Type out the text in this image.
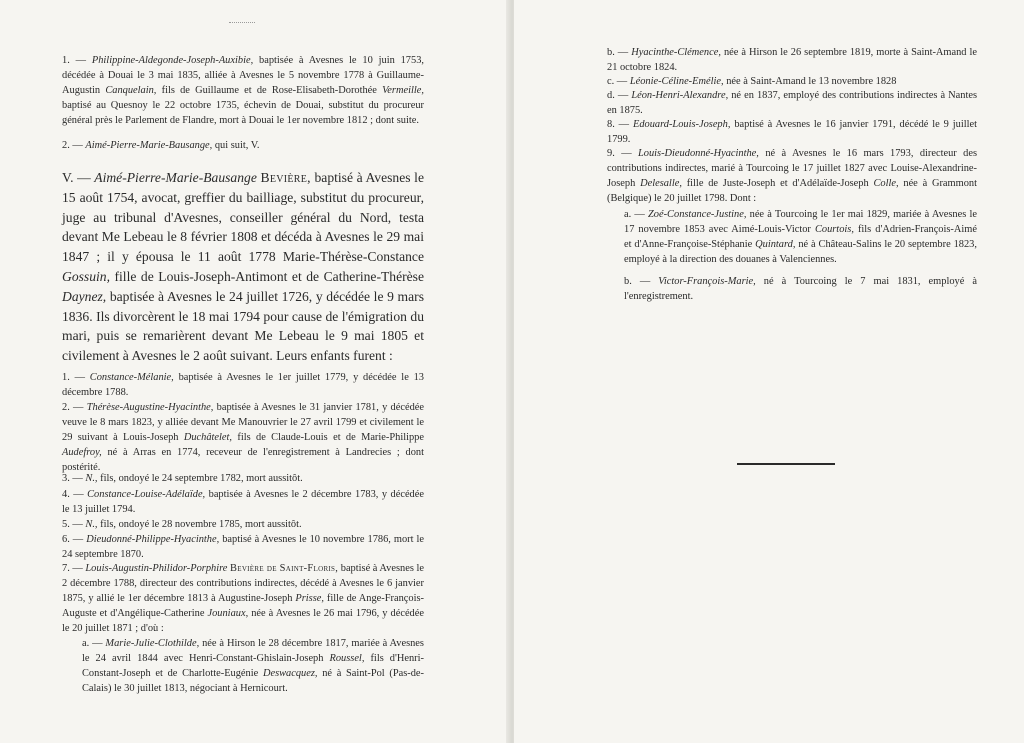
1. — Philippine-Aldegonde-Joseph-Auxibie, baptisée à Avesnes le 10 juin 1753, décédée à Douai le 3 mai 1835, alliée à Avesnes le 5 novembre 1778 à Guillaume-Augustin Canquelain, fils de Guillaume et de Rose-Elisabeth-Dorothée Vermeille, baptisé au Quesnoy le 22 octobre 1735, échevin de Douai, substitut du procureur général près le Parlement de Flandre, mort à Douai le 1er novembre 1812 ; dont suite.

2. — Aimé-Pierre-Marie-Bausange, qui suit, V.

V. — Aimé-Pierre-Marie-Bausange Bevière, baptisé à Avesnes le 15 août 1754, avocat, greffier du bailliage, substitut du procureur, juge au tribunal d'Avesnes, conseiller général du Nord, testa devant Me Lebeau le 8 février 1808 et décéda à Avesnes le 29 mai 1847 ; il y épousa le 11 août 1778 Marie-Thérèse-Constance Gossuin, fille de Louis-Joseph-Antimont et de Catherine-Thérèse Daynez, baptisée à Avesnes le 24 juillet 1726, y décédée le 9 mars 1836. Ils divorcèrent le 18 mai 1794 pour cause de l'émigration du mari, puis se remarièrent devant Me Lebeau le 9 mai 1805 et civilement à Avesnes le 2 août suivant. Leurs enfants furent :

1. — Constance-Mélanie, baptisée à Avesnes le 1er juillet 1779, y décédée le 13 décembre 1788.

2. — Thérèse-Augustine-Hyacinthe, baptisée à Avesnes le 31 janvier 1781, y décédée veuve le 8 mars 1823, y alliée devant Me Manouvrier le 27 avril 1799 et civilement le 29 suivant à Louis-Joseph Duchâtelet, fils de Claude-Louis et de Marie-Philippe Audefroy, né à Arras en 1774, receveur de l'enregistrement à Landrecies ; dont postérité.

3. — N., fils, ondoyé le 24 septembre 1782, mort aussitôt.

4. — Constance-Louise-Adélaïde, baptisée à Avesnes le 2 décembre 1783, y décédée le 13 juillet 1794.

5. — N., fils, ondoyé le 28 novembre 1785, mort aussitôt.

6. — Dieudonné-Philippe-Hyacinthe, baptisé à Avesnes le 10 novembre 1786, mort le 24 septembre 1870.

7. — Louis-Augustin-Philidor-Porphire Bevière de Saint-Floris, baptisé à Avesnes le 2 décembre 1788, directeur des contributions indirectes, décédé à Avesnes le 6 janvier 1875, y allié le 1er décembre 1813 à Augustine-Joseph Prisse, fille de Ange-François-Auguste et d'Angélique-Catherine Jouniaux, née à Avesnes le 26 mai 1796, y décédée le 20 juillet 1871 ; d'où :

a. — Marie-Julie-Clothilde, née à Hirson le 28 décembre 1817, mariée à Avesnes le 24 avril 1844 avec Henri-Constant-Ghislain-Joseph Roussel, fils d'Henri-Constant-Joseph et de Charlotte-Eugénie Deswacquez, né à Saint-Pol (Pas-de-Calais) le 30 juillet 1813, négociant à Hernicourt.

b. — Hyacinthe-Clémence, née à Hirson le 26 septembre 1819, morte à Saint-Amand le 21 octobre 1824.

c. — Léonie-Céline-Emélie, née à Saint-Amand le 13 novembre 1828

d. — Léon-Henri-Alexandre, né en 1837, employé des contributions indirectes à Nantes en 1875.

8. — Edouard-Louis-Joseph, baptisé à Avesnes le 16 janvier 1791, décédé le 9 juillet 1799.

9. — Louis-Dieudonné-Hyacinthe, né à Avesnes le 16 mars 1793, directeur des contributions indirectes, marié à Tourcoing le 17 juillet 1827 avec Louise-Alexandrine-Joseph Delesalle, fille de Juste-Joseph et d'Adélaïde-Joseph Colle, née à Grammont (Belgique) le 20 juillet 1798. Dont :

a. — Zoé-Constance-Justine, née à Tourcoing le 1er mai 1829, mariée à Avesnes le 17 novembre 1853 avec Aimé-Louis-Victor Courtois, fils d'Adrien-François-Aimé et d'Anne-Françoise-Stéphanie Quintard, né à Château-Salins le 20 septembre 1823, employé à la direction des douanes à Valenciennes.

b. — Victor-François-Marie, né à Tourcoing le 7 mai 1831, employé à l'enregistrement.
